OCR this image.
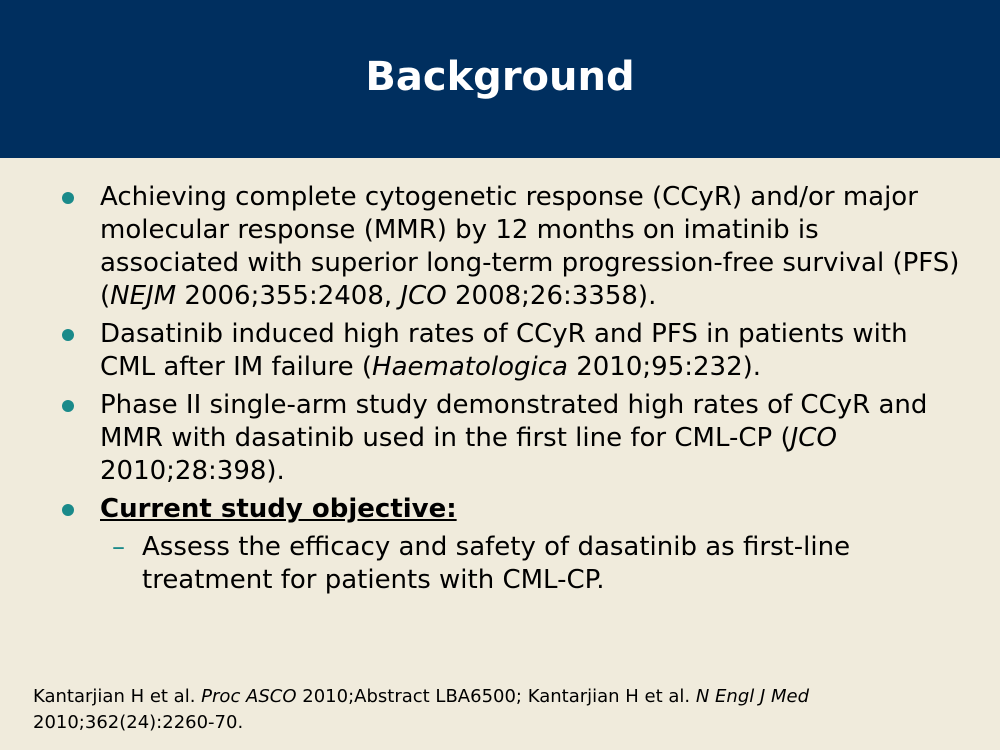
Background
Achieving complete cytogenetic response (CCyR) and/or major molecular response (MMR) by 12 months on imatinib is associated with superior long-term progression-free survival (PFS) (NEJM 2006;355:2408, JCO 2008;26:3358).
Dasatinib induced high rates of CCyR and PFS in patients with CML after IM failure (Haematologica 2010;95:232).
Phase II single-arm study demonstrated high rates of CCyR and MMR with dasatinib used in the first line for CML-CP (JCO 2010;28:398).
Current study objective:
– Assess the efficacy and safety of dasatinib as first-line treatment for patients with CML-CP.
Kantarjian H et al. Proc ASCO 2010;Abstract LBA6500; Kantarjian H et al. N Engl J Med 2010;362(24):2260-70.
